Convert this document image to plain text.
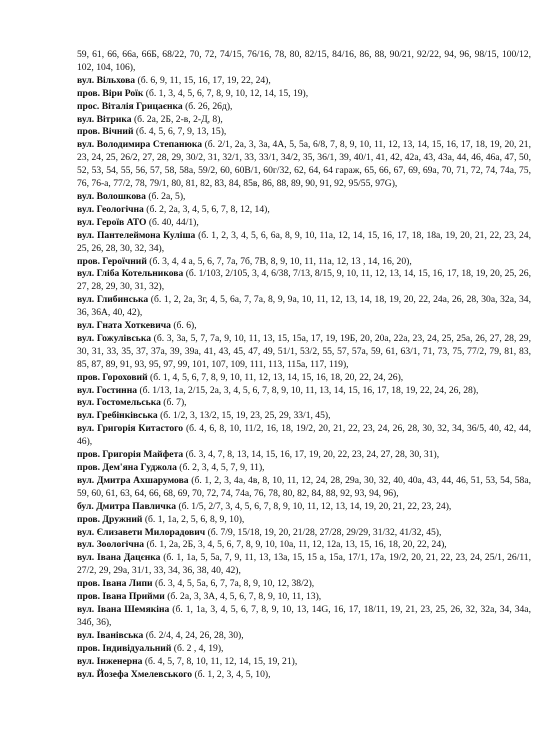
59, 61, 66, 66а, 66Б, 68/22, 70, 72, 74/15, 76/16, 78, 80, 82/15, 84/16, 86, 88, 90/21, 92/22, 94, 96, 98/15, 100/12, 102, 104, 106),

вул. Вільхова (б. 6, 9, 11, 15, 16, 17, 19, 22, 24),

пров. Віри Роїк (б. 1, 3, 4, 5, 6, 7, 8, 9, 10, 12, 14, 15, 19),

прос. Віталія Грицаєнка (б. 26, 26д),

вул. Вітрика (б. 2а, 2Б, 2-в, 2-Д, 8),

пров. Вічний (б. 4, 5, 6, 7, 9, 13, 15),

вул. Володимира Степанюка (б. 2/1, 2а, 3, 3а, 4А, 5, 5а, 6/8, 7, 8, 9, 10, 11, 12, 13, 14, 15, 16, 17, 18, 19, 20, 21, 23, 24, 25, 26/2, 27, 28, 29, 30/2, 31, 32/1, 33, 33/1, 34/2, 35, 36/1, 39, 40/1, 41, 42, 42а, 43, 43а, 44, 46, 46а, 47, 50, 52, 53, 54, 55, 56, 57, 58, 58а, 59/2, 60, 60В/1, 60г/32, 62, 64, 64 гараж, 65, 66, 67, 69, 69а, 70, 71, 72, 74, 74а, 75, 76, 76-а, 77/2, 78, 79/1, 80, 81, 82, 83, 84, 85в, 86, 88, 89, 90, 91, 92, 95/55, 97G),

вул. Волошкова (б. 2а, 5),

вул. Геологічна (б. 2, 2а, 3, 4, 5, 6, 7, 8, 12, 14),

вул. Героїв АТО (б. 40, 44/1),

вул. Пантелеймона Куліша (б. 1, 2, 3, 4, 5, 6, 6а, 8, 9, 10, 11а, 12, 14, 15, 16, 17, 18, 18а, 19, 20, 21, 22, 23, 24, 25, 26, 28, 30, 32, 34),

пров. Героїчний (б. 3, 4, 4 а, 5, 6, 7, 7а, 7б, 7В, 8, 9, 10, 11, 11а, 12, 13 , 14, 16, 20),

вул. Гліба Котельникова (б. 1/103, 2/105, 3, 4, 6/38, 7/13, 8/15, 9, 10, 11, 12, 13, 14, 15, 16, 17, 18, 19, 20, 25, 26, 27, 28, 29, 30, 31, 32),

вул. Глибинська (б. 1, 2, 2а, 3г, 4, 5, 6а, 7, 7а, 8, 9, 9а, 10, 11, 12, 13, 14, 18, 19, 20, 22, 24а, 26, 28, 30а, 32а, 34, 36, 36А, 40, 42),

вул. Гната Хоткевича (б. 6),

вул. Гожулівська (б. 3, 3а, 5, 7, 7а, 9, 10, 11, 13, 15, 15а, 17, 19, 19Б, 20, 20а, 22а, 23, 24, 25, 25а, 26, 27, 28, 29, 30, 31, 33, 35, 37, 37а, 39, 39а, 41, 43, 45, 47, 49, 51/1, 53/2, 55, 57, 57а, 59, 61, 63/1, 71, 73, 75, 77/2, 79, 81, 83, 85, 87, 89, 91, 93, 95, 97, 99, 101, 107, 109, 111, 113, 115а, 117, 119),

пров. Гороховий (б. 1, 4, 5, 6, 7, 8, 9, 10, 11, 12, 13, 14, 15, 16, 18, 20, 22, 24, 26),

вул. Гостинна (б. 1/13, 1а, 2/15, 2а, 3, 4, 5, 6, 7, 8, 9, 10, 11, 13, 14, 15, 16, 17, 18, 19, 22, 24, 26, 28),

вул. Гостомельська (б. 7),

вул. Гребінківська (б. 1/2, 3, 13/2, 15, 19, 23, 25, 29, 33/1, 45),

вул. Григорія Китастого (б. 4, 6, 8, 10, 11/2, 16, 18, 19/2, 20, 21, 22, 23, 24, 26, 28, 30, 32, 34, 36/5, 40, 42, 44, 46),

пров. Григорія Майфета (б. 3, 4, 7, 8, 13, 14, 15, 16, 17, 19, 20, 22, 23, 24, 27, 28, 30, 31),

пров. Дем'яна Гуджола (б. 2, 3, 4, 5, 7, 9, 11),

вул. Дмитра Ахшарумова (б. 1, 2, 3, 4а, 4в, 8, 10, 11, 12, 24, 28, 29а, 30, 32, 40, 40а, 43, 44, 46, 51, 53, 54, 58а, 59, 60, 61, 63, 64, 66, 68, 69, 70, 72, 74, 74а, 76, 78, 80, 82, 84, 88, 92, 93, 94, 96),

бул. Дмитра Павличка (б. 1/5, 2/7, 3, 4, 5, 6, 7, 8, 9, 10, 11, 12, 13, 14, 19, 20, 21, 22, 23, 24),

пров. Дружний (б. 1, 1а, 2, 5, 6, 8, 9, 10),

вул. Єлизавети Милорадович (б. 7/9, 15/18, 19, 20, 21/28, 27/28, 29/29, 31/32, 41/32, 45),

вул. Зоологічна (б. 1, 2а, 2Б, 3, 4, 5, 6, 7, 8, 9, 10, 10а, 11, 12, 12а, 13, 15, 16, 18, 20, 22, 24),

вул. Івана Дацєнка (б. 1, 1а, 5, 5а, 7, 9, 11, 13, 13а, 15, 15 а, 15а, 17/1, 17а, 19/2, 20, 21, 22, 23, 24, 25/1, 26/11, 27/2, 29, 29а, 31/1, 33, 34, 36, 38, 40, 42),

пров. Івана Липи (б. 3, 4, 5, 5а, 6, 7, 7а, 8, 9, 10, 12, 38/2),

пров. Івана Прийми (б. 2а, 3, 3А, 4, 5, 6, 7, 8, 9, 10, 11, 13),

вул. Івана Шемякіна (б. 1, 1а, 3, 4, 5, 6, 7, 8, 9, 10, 13, 14G, 16, 17, 18/11, 19, 21, 23, 25, 26, 32, 32а, 34, 34а, 34б, 36),

вул. Іванівська (б. 2/4, 4, 24, 26, 28, 30),

пров. Індивідуальний (б. 2 , 4, 19),

вул. Інженерна (б. 4, 5, 7, 8, 10, 11, 12, 14, 15, 19, 21),

вул. Йозефа Хмелевського (б. 1, 2, 3, 4, 5, 10),
